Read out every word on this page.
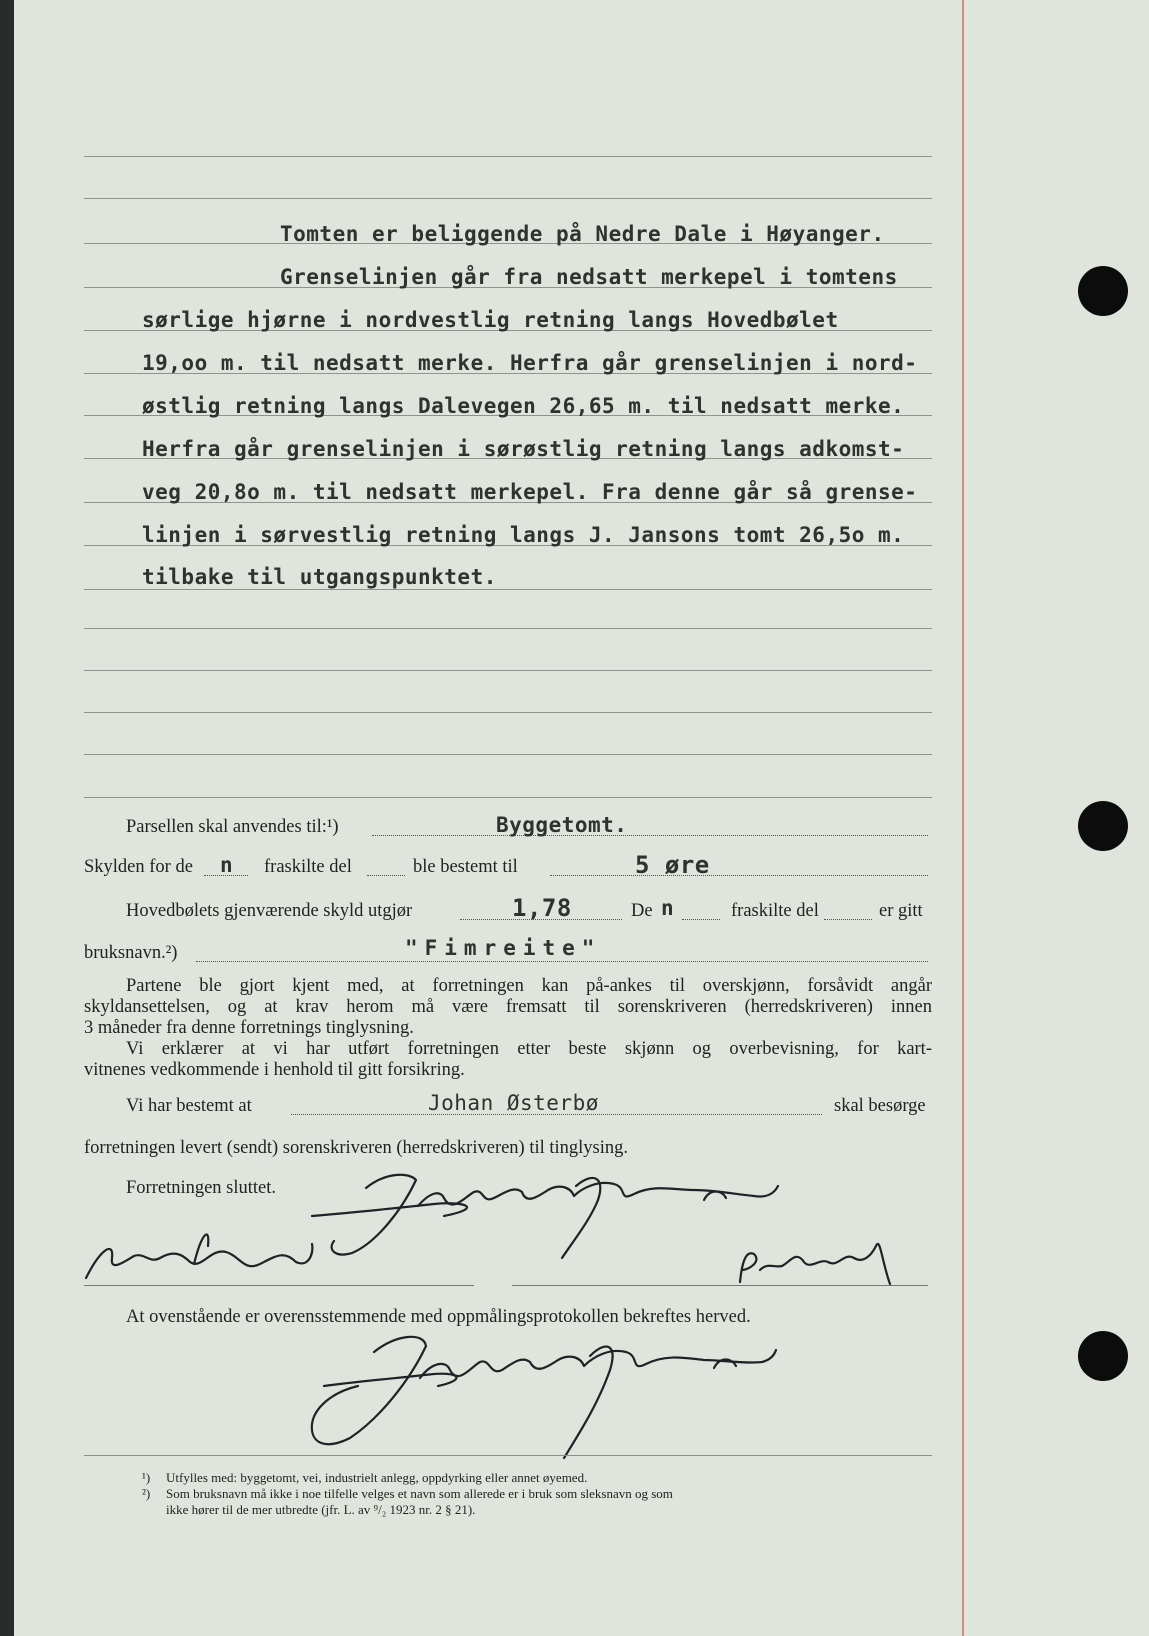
Tomten er beliggende på Nedre Dale i Høyanger.
Grenselinjen går fra nedsatt merkepel i tomtens
sørlige hjørne i nordvestlig retning langs Hovedbølet
19,oo m. til nedsatt merke. Herfra går grenselinjen i nord-
østlig retning langs Dalevegen 26,65 m. til nedsatt merke.
Herfra går grenselinjen i sørøstlig retning langs adkomst-
veg 20,8o m. til nedsatt merkepel. Fra denne går så grense-
linjen i sørvestlig retning langs J. Jansons tomt 26,5o m.
tilbake til utgangspunktet.
Parsellen skal anvendes til:¹)	Byggetomt.
Skylden for de n fraskilte del	ble bestemt til	5 øre
Hovedbølets gjenværende skyld utgjør	1,78	De n	fraskilte del	er gitt
bruksnavn.²)	"Fimreite"
Partene ble gjort kjent med, at forretningen kan på-ankes til overskjønn, forsåvidt angår
skyldansettelsen, og at krav herom må være fremsatt til sorenskriveren (herredskriveren) innen
3 måneder fra denne forretnings tinglysning.
Vi erklærer at vi har utført forretningen etter beste skjønn og overbevisning, for kart-
vitnenes vedkommende i henhold til gitt forsikring.
Vi har bestemt at	Johan Østerbø	skal besørge
forretningen levert (sendt) sorenskriveren (herredskriveren) til tinglysing.
Forretningen sluttet.
At ovenstående er overensstemmende med oppmålingsprotokollen bekreftes herved.
¹) Utfylles med: byggetomt, vei, industrielt anlegg, oppdyrking eller annet øyemed.
²) Som bruksnavn må ikke i noe tilfelle velges et navn som allerede er i bruk som sleksnavn og som
ikke hører til de mer utbredte (jfr. L. av ⁹/₂ 1923 nr. 2 § 21).
